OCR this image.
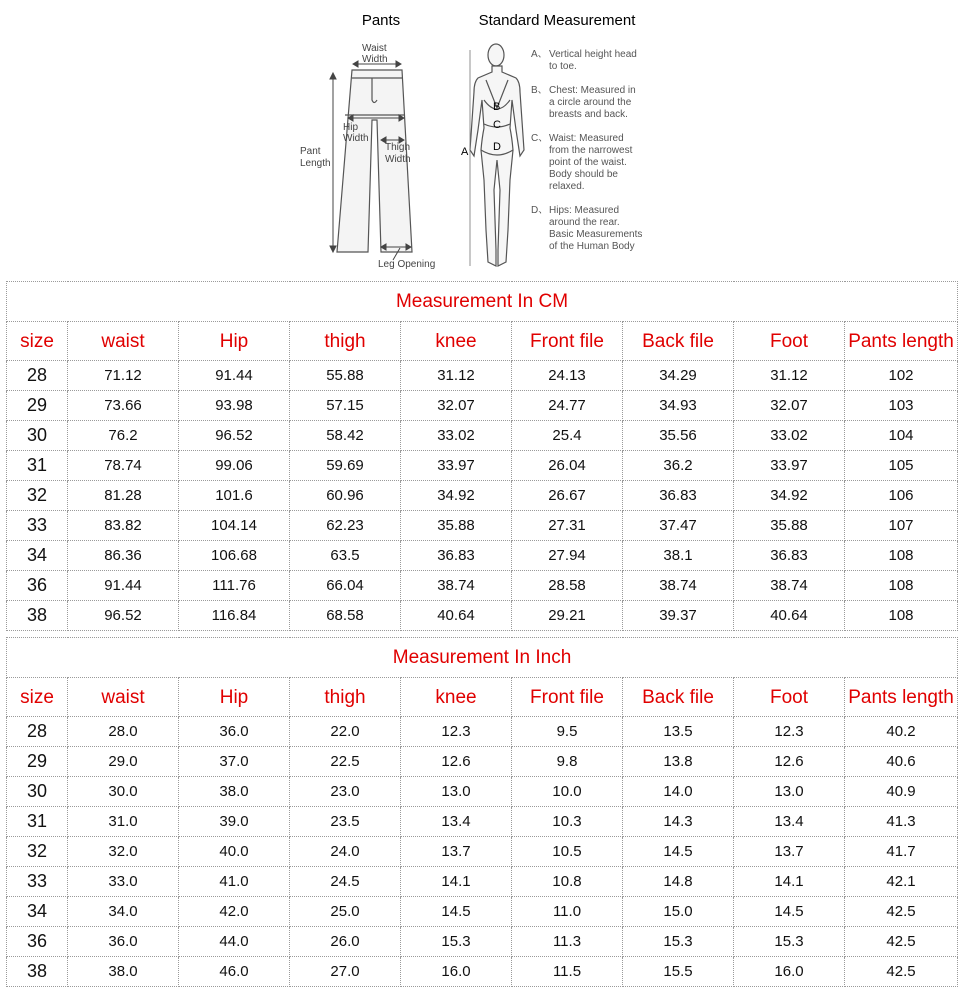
Pants	Standard Measurement
Waist
Width
Hip
Width
Thigh
Width
Pant
Length
Leg Opening
B
C
D
A
A、 Vertical height head
to toe.
B、 Chest: Measured in
a circle around the
breasts and back.
C、 Waist: Measured
from the narrowest
point of the waist.
Body should be
relaxed.
D、 Hips: Measured
around the rear.
Basic Measurements
of the Human Body
Measurement In CM								
size	waist	Hip	thigh	knee	Front file	Back file	Foot	Pants length
28	71.12	91.44	55.88	31.12	24.13	34.29	31.12	102
29	73.66	93.98	57.15	32.07	24.77	34.93	32.07	103
30	76.2	96.52	58.42	33.02	25.4	35.56	33.02	104
31	78.74	99.06	59.69	33.97	26.04	36.2	33.97	105
32	81.28	101.6	60.96	34.92	26.67	36.83	34.92	106
33	83.82	104.14	62.23	35.88	27.31	37.47	35.88	107
34	86.36	106.68	63.5	36.83	27.94	38.1	36.83	108
36	91.44	111.76	66.04	38.74	28.58	38.74	38.74	108
38	96.52	116.84	68.58	40.64	29.21	39.37	40.64	108
Measurement In Inch								
size	waist	Hip	thigh	knee	Front file	Back file	Foot	Pants length
28	28.0	36.0	22.0	12.3	9.5	13.5	12.3	40.2
29	29.0	37.0	22.5	12.6	9.8	13.8	12.6	40.6
30	30.0	38.0	23.0	13.0	10.0	14.0	13.0	40.9
31	31.0	39.0	23.5	13.4	10.3	14.3	13.4	41.3
32	32.0	40.0	24.0	13.7	10.5	14.5	13.7	41.7
33	33.0	41.0	24.5	14.1	10.8	14.8	14.1	42.1
34	34.0	42.0	25.0	14.5	11.0	15.0	14.5	42.5
36	36.0	44.0	26.0	15.3	11.3	15.3	15.3	42.5
38	38.0	46.0	27.0	16.0	11.5	15.5	16.0	42.5
